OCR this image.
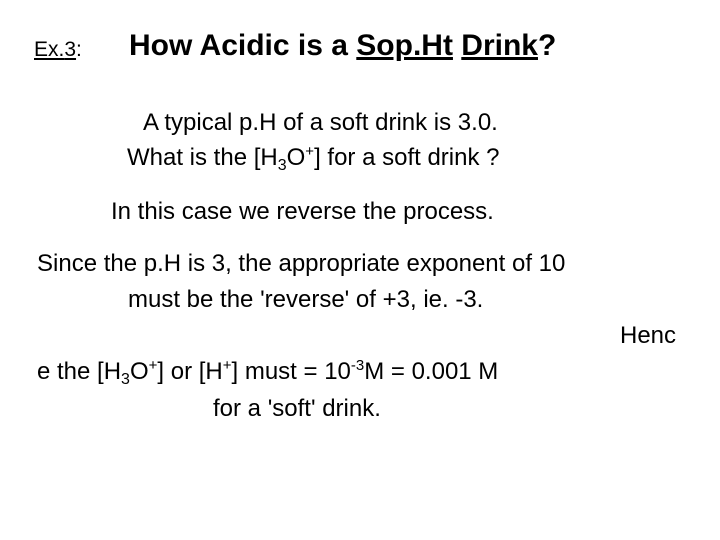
Ex.3: How Acidic is a Sop.Ht Drink?
A typical p.H of a soft drink is 3.0.
What is the $[H_3O^+]$ for a soft drink ?
In this case we reverse the process.
Since the p.H is 3, the appropriate exponent of 10
must be the 'reverse' of +3, ie. -3.
Henc
e the $[H_3O^+]$ or [H+] must = $10^{-3}M = 0.001$ M
for a 'soft' drink.
